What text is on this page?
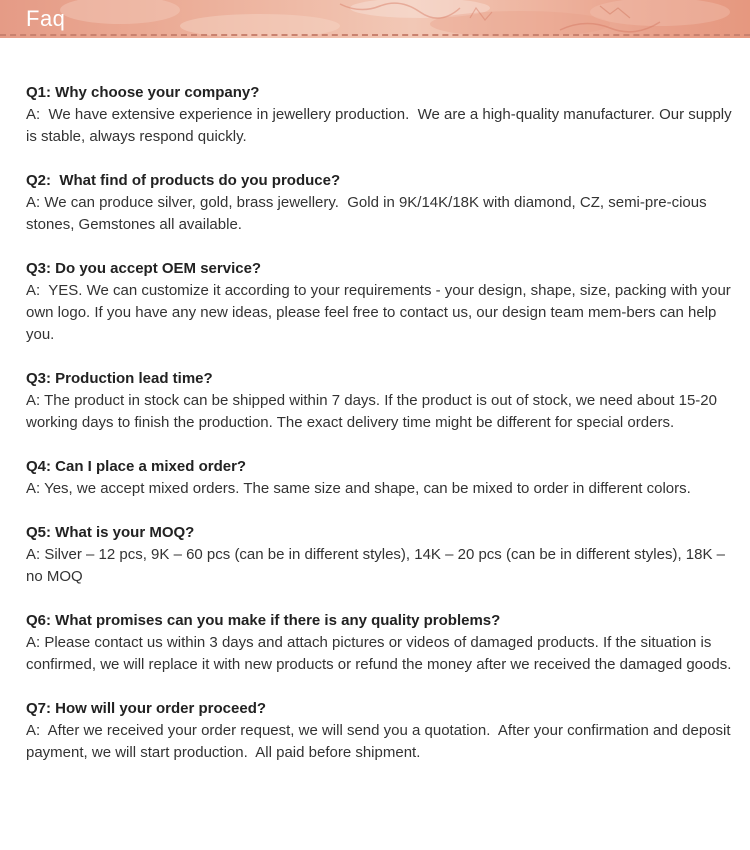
Faq

Q1: Why choose your company?

A:  We have extensive experience in jewellery production.  We are a high-quality manufacturer. Our supply is stable, always respond quickly.

Q2:  What find of products do you produce?

A: We can produce silver, gold, brass jewellery.  Gold in 9K/14K/18K with diamond, CZ, semi-pre-cious stones, Gemstones all available.

Q3: Do you accept OEM service?

A:  YES. We can customize it according to your requirements - your design, shape, size, packing with your own logo. If you have any new ideas, please feel free to contact us, our design team mem-bers can help you.

Q3: Production lead time?

A: The product in stock can be shipped within 7 days. If the product is out of stock, we need about 15-20 working days to finish the production. The exact delivery time might be different for special orders.

Q4: Can I place a mixed order?

A: Yes, we accept mixed orders. The same size and shape, can be mixed to order in different colors.

Q5: What is your MOQ?

A: Silver – 12 pcs, 9K – 60 pcs (can be in different styles), 14K – 20 pcs (can be in different styles), 18K – no MOQ

Q6: What promises can you make if there is any quality problems?

A: Please contact us within 3 days and attach pictures or videos of damaged products. If the situation is confirmed, we will replace it with new products or refund the money after we received the damaged goods.

Q7: How will your order proceed?

A:  After we received your order request, we will send you a quotation.  After your confirmation and deposit payment, we will start production.  All paid before shipment.
